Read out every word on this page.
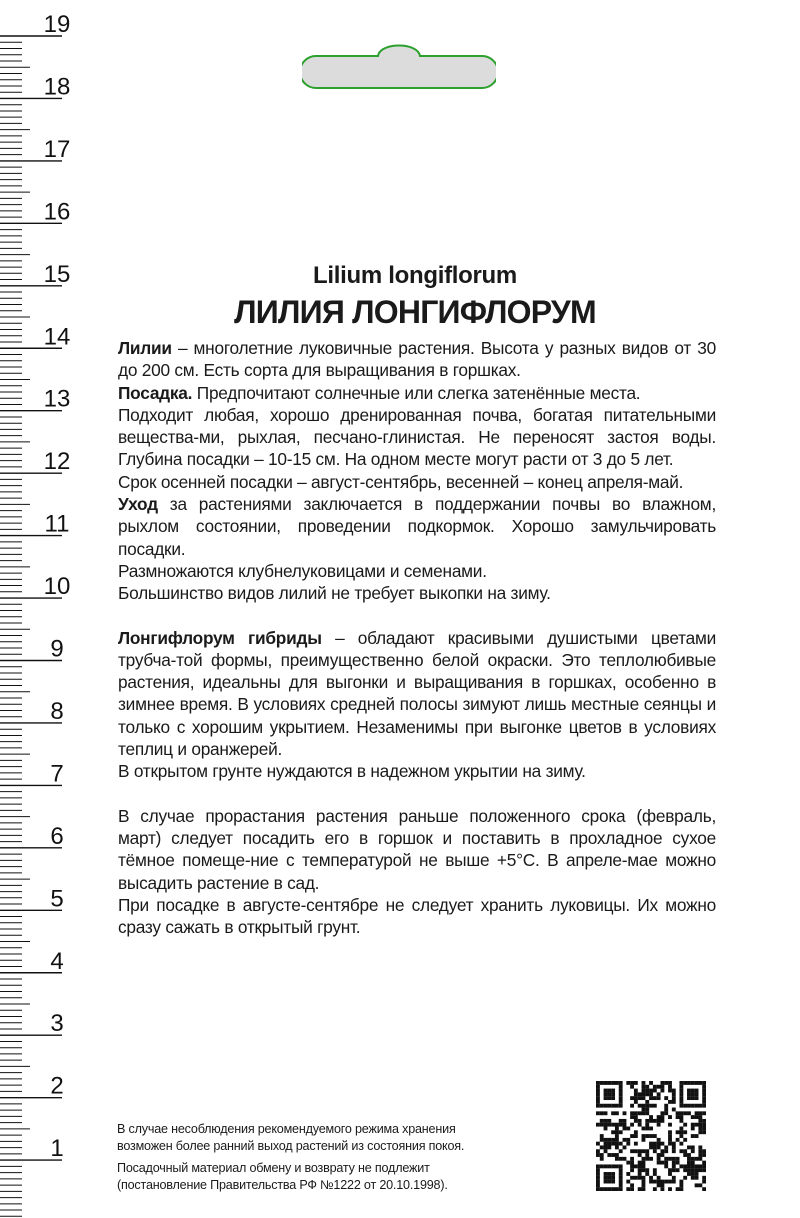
19
18
17
16
15
14
13
12
11
10
9
8
7
6
5
4
3
2
1
Lilium longiflorum
ЛИЛИЯ ЛОНГИФЛОРУМ

Лилии – многолетние луковичные растения. Высота у разных видов от 30 до 200 см. Есть сорта для выращивания в горшках.

Посадка. Предпочитают солнечные или слегка затенённые места.

Подходит любая, хорошо дренированная почва, богатая питательными вещества-ми, рыхлая, песчано-глинистая. Не переносят застоя воды. Глубина посадки – 10-15 см. На одном месте могут расти от 3 до 5 лет.

Срок осенней посадки – август-сентябрь, весенней – конец апреля-май.

Уход за растениями заключается в поддержании почвы во влажном, рыхлом состоянии, проведении подкормок. Хорошо замульчировать посадки.

Размножаются клубнелуковицами и семенами.

Большинство видов лилий не требует выкопки на зиму.

Лонгифлорум гибриды – обладают красивыми душистыми цветами трубча-той формы, преимущественно белой окраски. Это теплолюбивые растения, идеальны для выгонки и выращивания в горшках, особенно в зимнее время. В условиях средней полосы зимуют лишь местные сеянцы и только с хорошим укрытием. Незаменимы при выгонке цветов в условиях теплиц и оранжерей.

В открытом грунте нуждаются в надежном укрытии на зиму.

В случае прорастания растения раньше положенного срока (февраль, март) следует посадить его в горшок и поставить в прохладное сухое тёмное помеще-ние с температурой не выше +5°С. В апреле-мае можно высадить растение в сад.

При посадке в августе-сентябре не следует хранить луковицы. Их можно сразу сажать в открытый грунт.

В случае несоблюдения рекомендуемого режима хранения
возможен более ранний выход растений из состояния покоя.
Посадочный материал обмену и возврату не подлежит
(постановление Правительства РФ №1222 от 20.10.1998).
